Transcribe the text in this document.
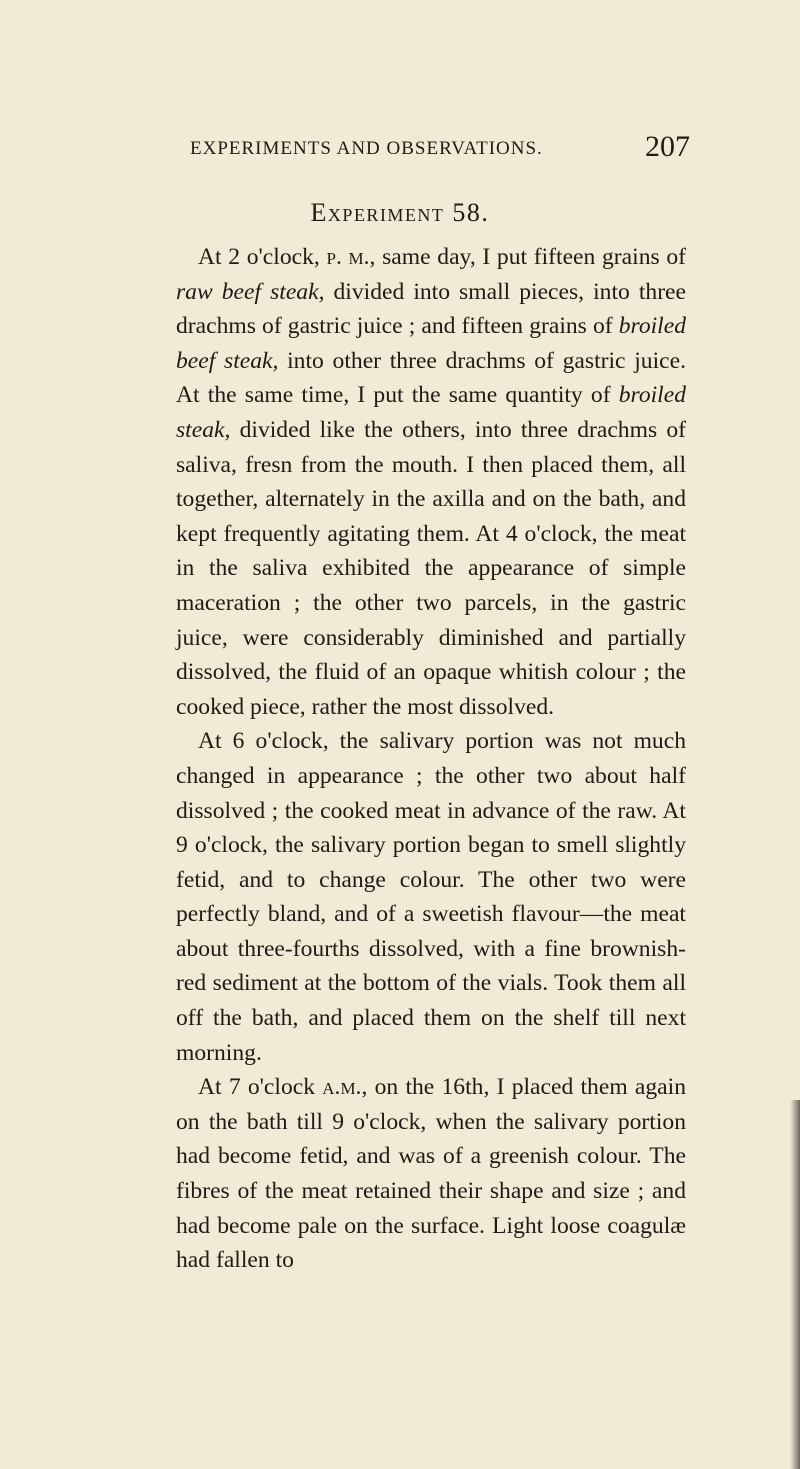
EXPERIMENTS AND OBSERVATIONS.	207
Experiment 58.

At 2 o'clock, p. m., same day, I put fifteen grains of raw beef steak, divided into small pieces, into three drachms of gastric juice ; and fifteen grains of broiled beef steak, into other three drachms of gastric juice. At the same time, I put the same quantity of broiled steak, divided like the others, into three drachms of saliva, fresn from the mouth. I then placed them, all together, alternately in the axilla and on the bath, and kept frequently agitating them. At 4 o'clock, the meat in the saliva exhibited the appearance of simple maceration ; the other two parcels, in the gastric juice, were considerably diminished and partially dissolved, the fluid of an opaque whitish colour ; the cooked piece, rather the most dissolved.

At 6 o'clock, the salivary portion was not much changed in appearance ; the other two about half dissolved ; the cooked meat in advance of the raw. At 9 o'clock, the salivary portion began to smell slightly fetid, and to change colour. The other two were perfectly bland, and of a sweetish flavour—the meat about three-fourths dissolved, with a fine brownish-red sediment at the bottom of the vials. Took them all off the bath, and placed them on the shelf till next morning.

At 7 o'clock a.m., on the 16th, I placed them again on the bath till 9 o'clock, when the salivary portion had become fetid, and was of a greenish colour. The fibres of the meat retained their shape and size ; and had become pale on the surface. Light loose coagulæ had fallen to
